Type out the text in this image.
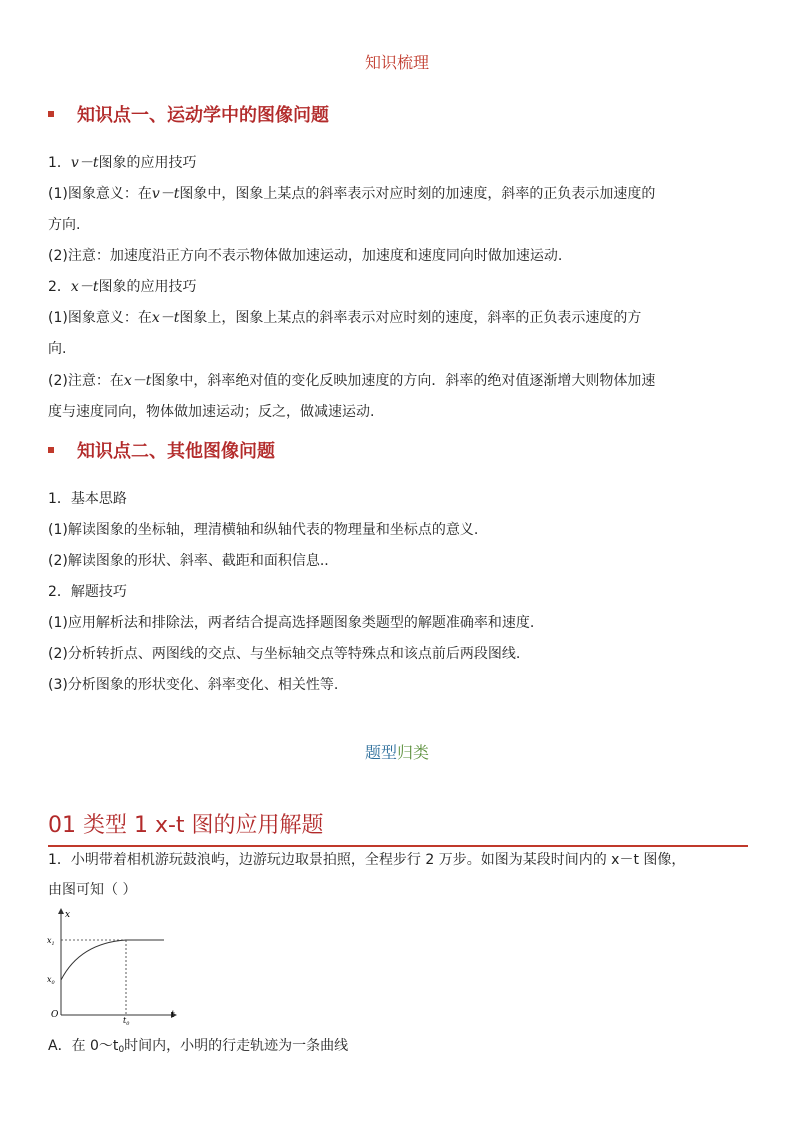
知识梳理
知识点一、运动学中的图像问题
1．v－t图象的应用技巧
(1)图象意义：在v－t图象中，图象上某点的斜率表示对应时刻的加速度，斜率的正负表示加速度的
方向.
(2)注意：加速度沿正方向不表示物体做加速运动，加速度和速度同向时做加速运动.
2．x－t图象的应用技巧
(1)图象意义：在x－t图象上，图象上某点的斜率表示对应时刻的速度，斜率的正负表示速度的方
向.
(2)注意：在x－t图象中，斜率绝对值的变化反映加速度的方向．斜率的绝对值逐渐增大则物体加速
度与速度同向，物体做加速运动；反之，做减速运动.
知识点二、其他图像问题
1．基本思路
(1)解读图象的坐标轴，理清横轴和纵轴代表的物理量和坐标点的意义.
(2)解读图象的形状、斜率、截距和面积信息..
2．解题技巧
(1)应用解析法和排除法，两者结合提高选择题图象类题型的解题准确率和速度.
(2)分析转折点、两图线的交点、与坐标轴交点等特殊点和该点前后两段图线.
(3)分析图象的形状变化、斜率变化、相关性等.
题型归类
01 类型 1 x-t 图的应用解题
1．小明带着相机游玩鼓浪屿，边游玩边取景拍照，全程步行 2 万步。如图为某段时间内的 x－t 图像，
由图可知（ ）
x
t
O
$x_1$
$x_0$
$t_0$
A．在 $0\sim t_0$时间内，小明的行走轨迹为一条曲线
